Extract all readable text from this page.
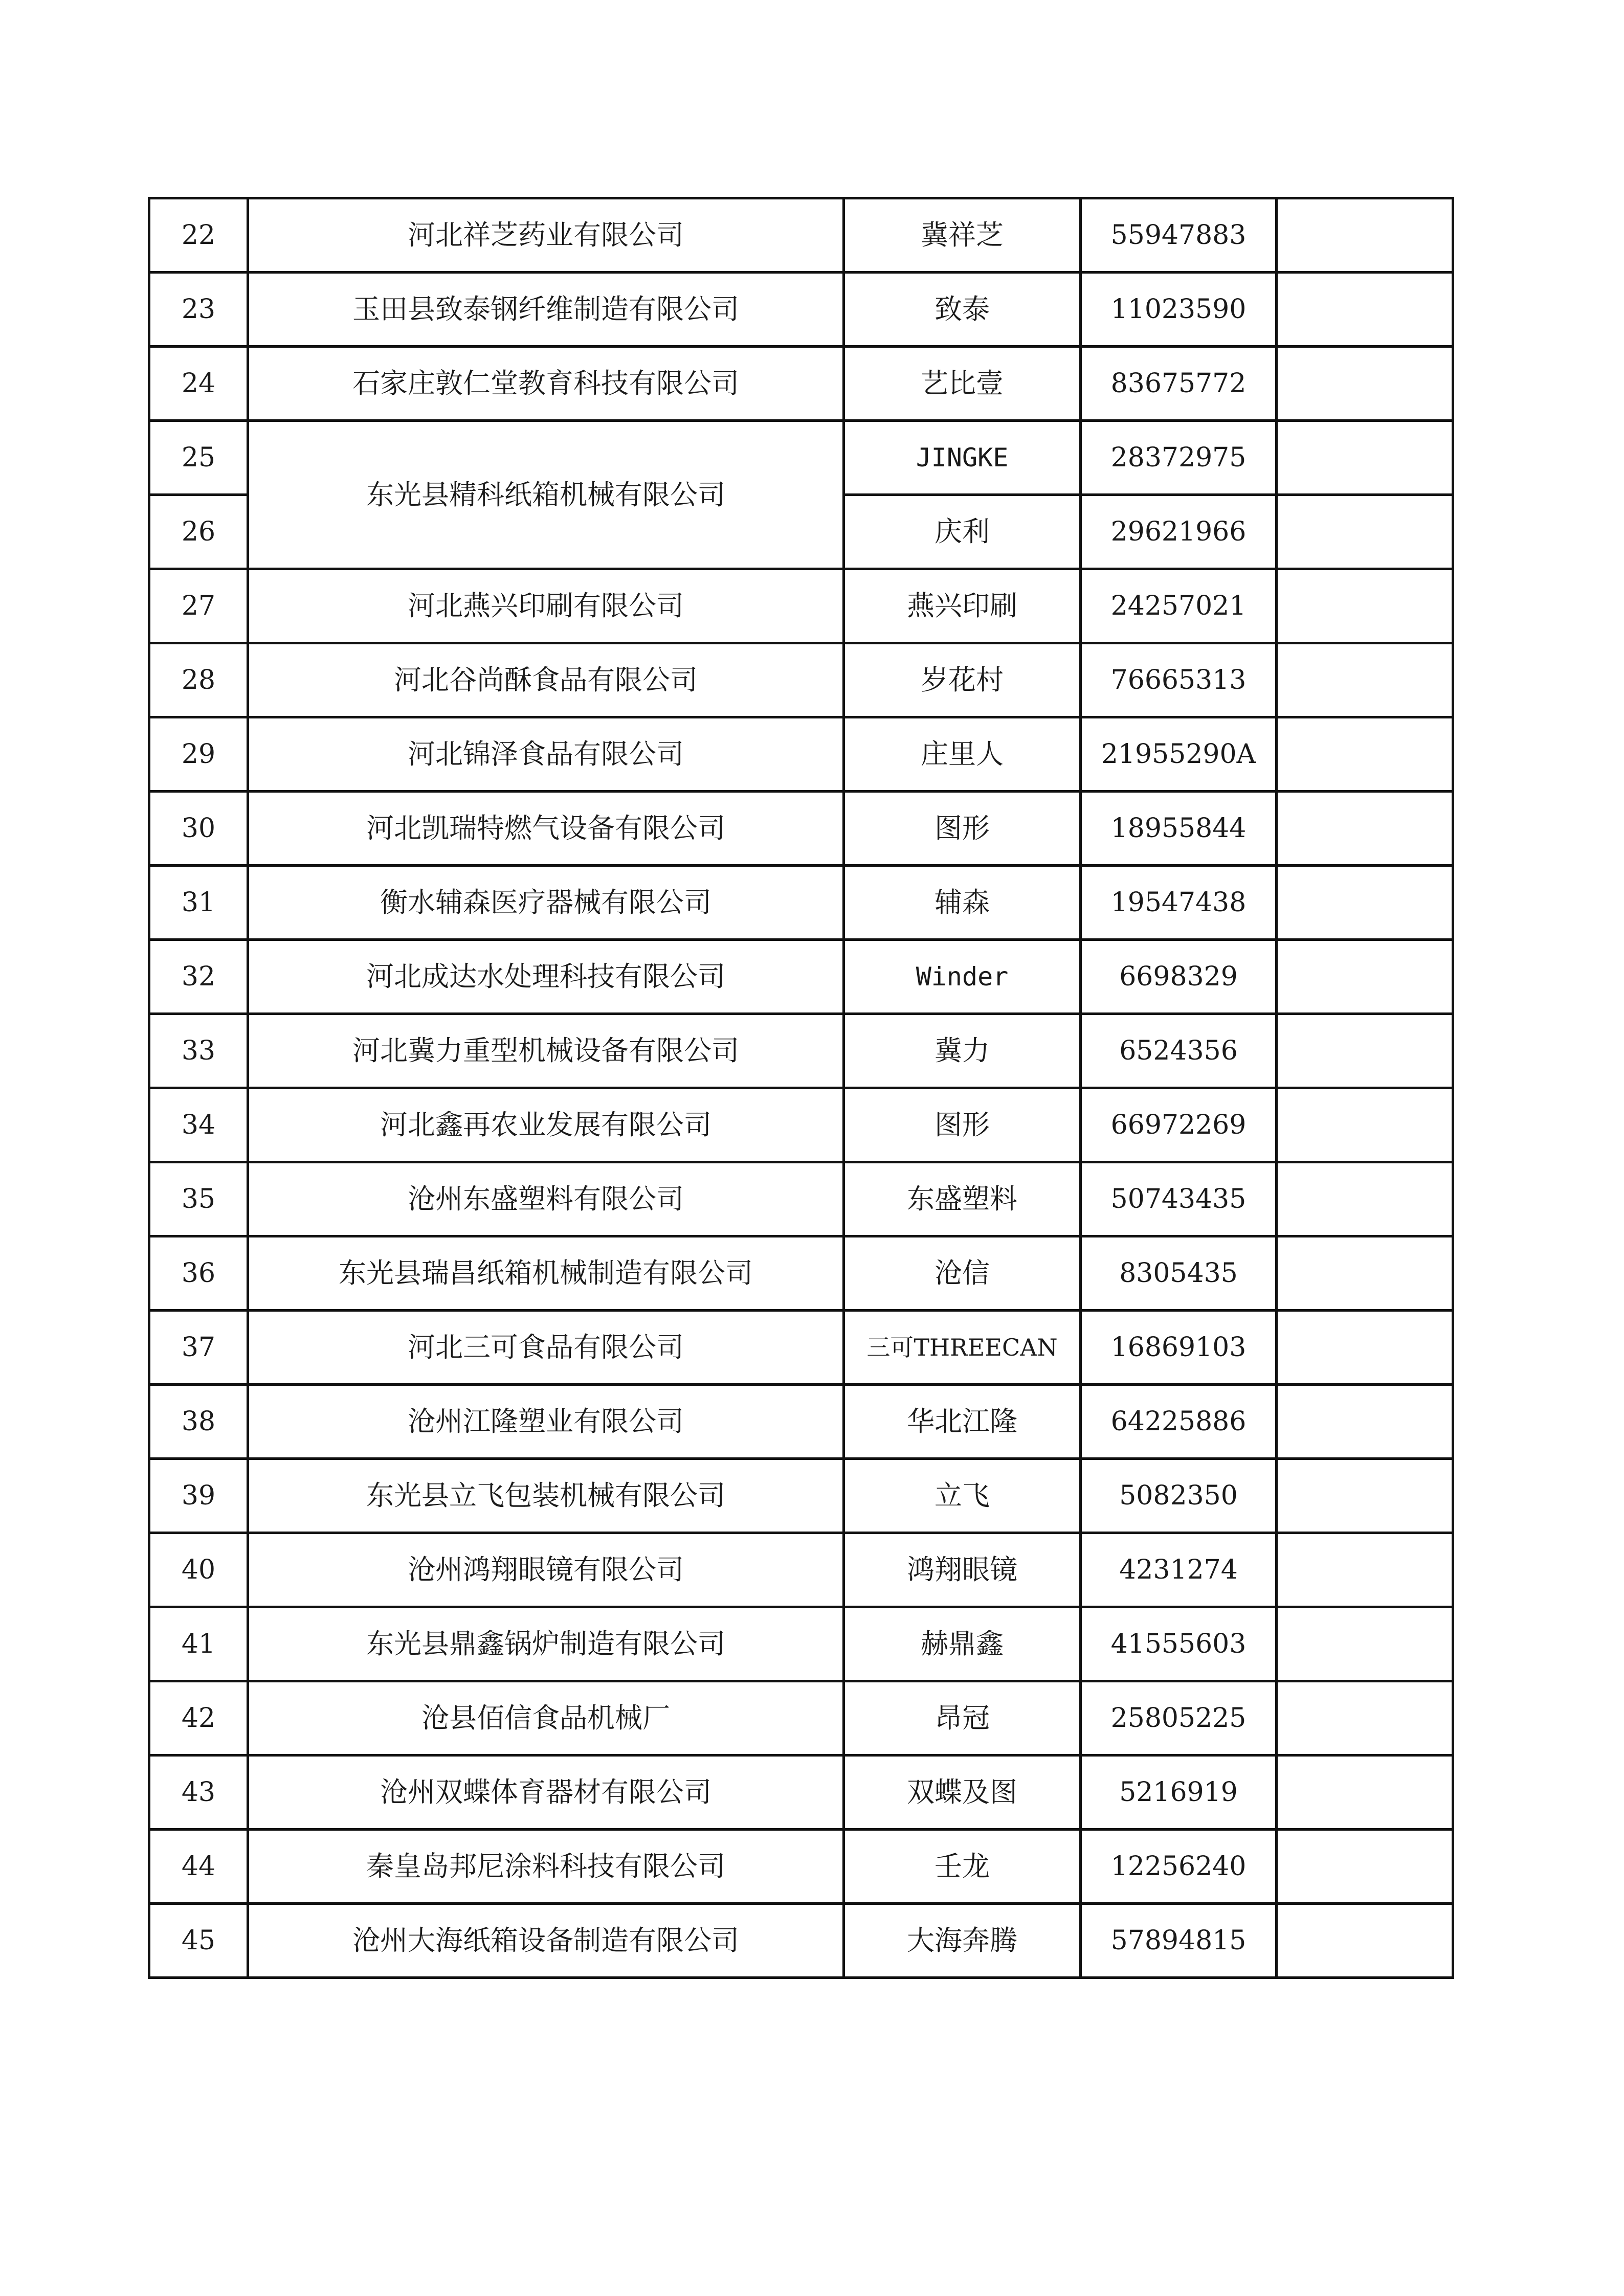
22	河北祥芝药业有限公司	冀祥芝	55947883	
23	玉田县致泰钢纤维制造有限公司	致泰	11023590	
24	石家庄敦仁堂教育科技有限公司	艺比壹	83675772	
25	东光县精科纸箱机械有限公司	JINGKE	28372975	
26		庆利	29621966	
27	河北燕兴印刷有限公司	燕兴印刷	24257021	
28	河北谷尚酥食品有限公司	岁花村	76665313	
29	河北锦泽食品有限公司	庄里人	21955290A	
30	河北凯瑞特燃气设备有限公司	图形	18955844	
31	衡水辅森医疗器械有限公司	辅森	19547438	
32	河北成达水处理科技有限公司	Winder	6698329	
33	河北冀力重型机械设备有限公司	冀力	6524356	
34	河北鑫再农业发展有限公司	图形	66972269	
35	沧州东盛塑料有限公司	东盛塑料	50743435	
36	东光县瑞昌纸箱机械制造有限公司	沧信	8305435	
37	河北三可食品有限公司	三可THREECAN	16869103	
38	沧州江隆塑业有限公司	华北江隆	64225886	
39	东光县立飞包装机械有限公司	立飞	5082350	
40	沧州鸿翔眼镜有限公司	鸿翔眼镜	4231274	
41	东光县鼎鑫锅炉制造有限公司	赫鼎鑫	41555603	
42	沧县佰信食品机械厂	昂冠	25805225	
43	沧州双蝶体育器材有限公司	双蝶及图	5216919	
44	秦皇岛邦尼涂料科技有限公司	壬龙	12256240	
45	沧州大海纸箱设备制造有限公司	大海奔腾	57894815	
